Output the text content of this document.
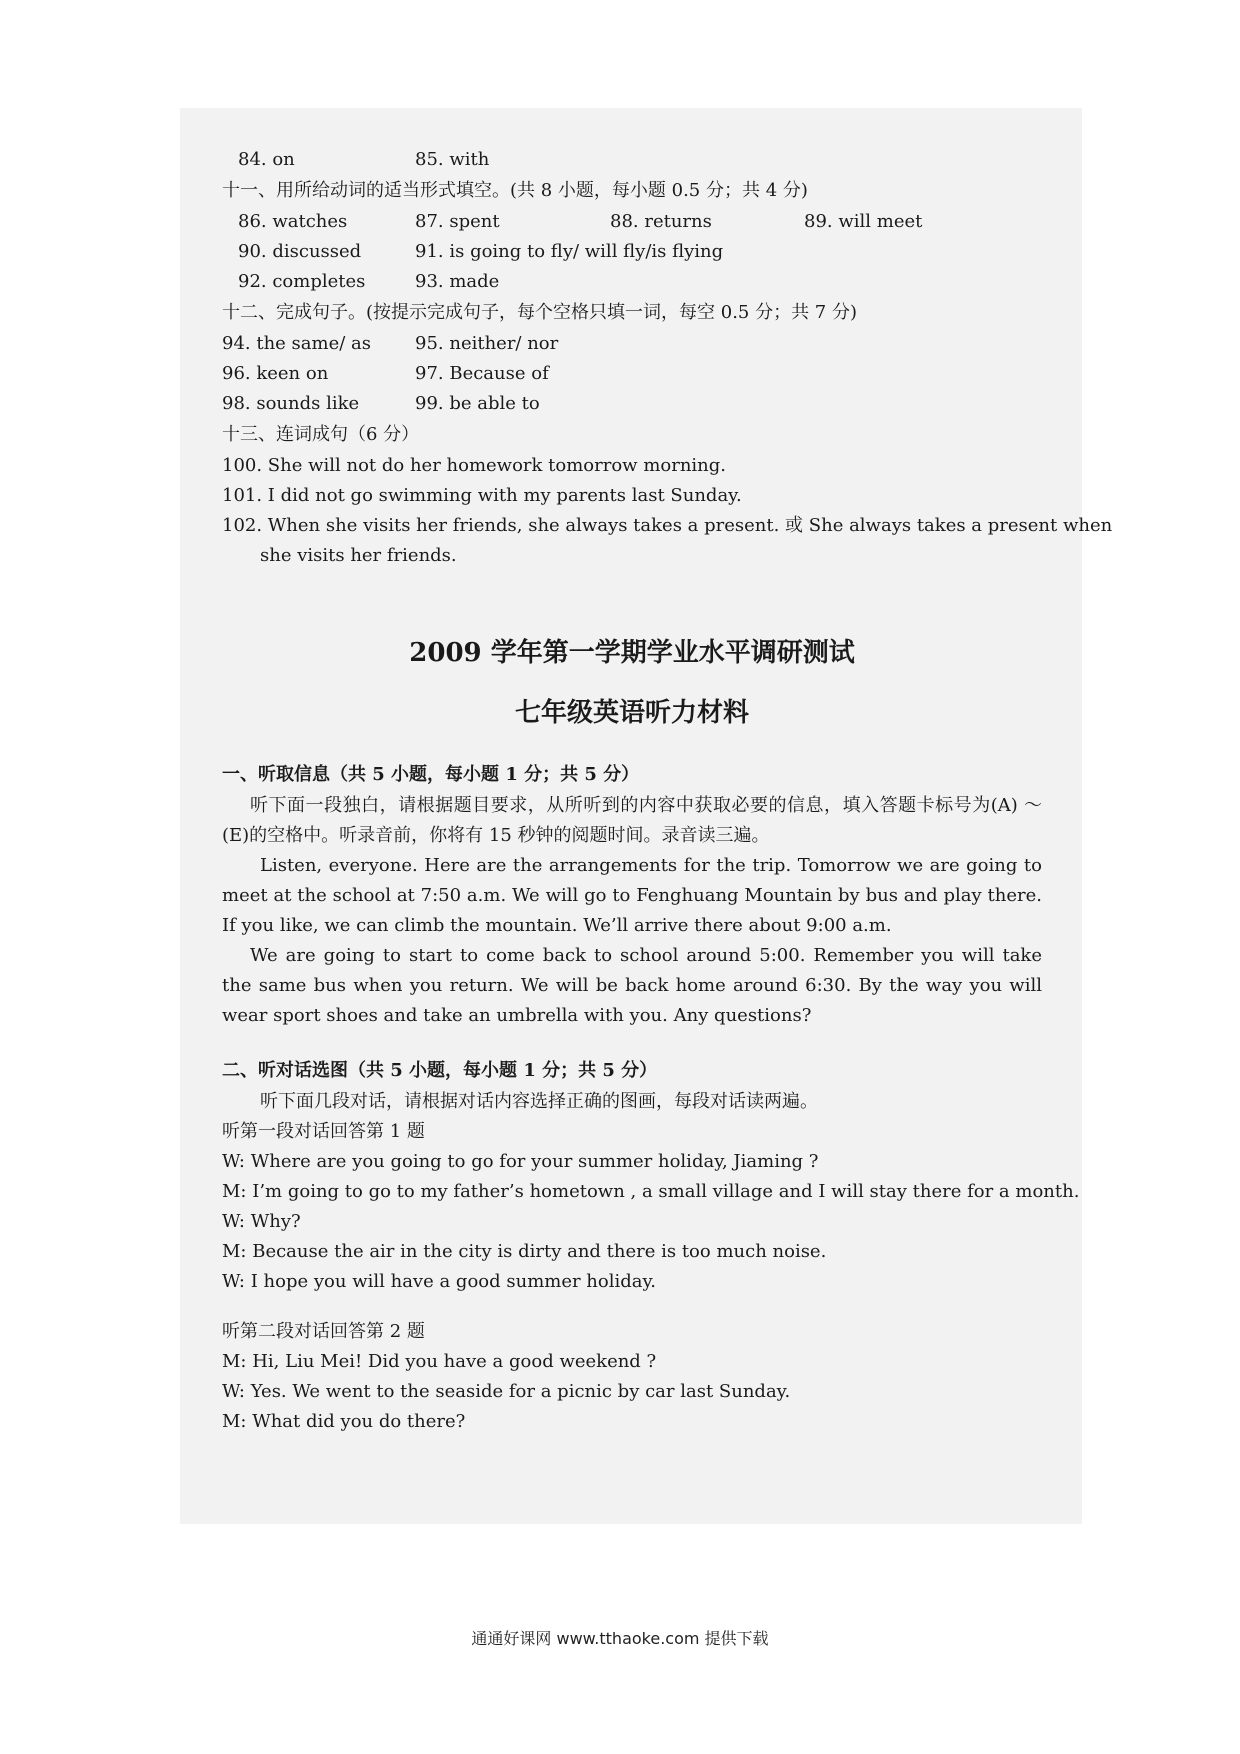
84. on	85. with
十一、用所给动词的适当形式填空。(共 8 小题，每小题 0.5 分；共 4 分)
86. watches	87. spent	88. returns	89. will meet
90. discussed	91. is going to fly/ will fly/is flying
92. completes	93. made
十二、完成句子。(按提示完成句子，每个空格只填一词，每空 0.5 分；共 7 分)
94. the same/ as	95. neither/ nor
96. keen on	97. Because of
98. sounds like	99. be able to
十三、连词成句（6 分）
100. She will not do her homework tomorrow morning.
101. I did not go swimming with my parents last Sunday.
102. When she visits her friends, she always takes a present. 或 She always takes a present when
she visits her friends.
2009 学年第一学期学业水平调研测试
七年级英语听力材料
一、听取信息（共 5 小题，每小题 1 分；共 5 分）
听下面一段独白，请根据题目要求，从所听到的内容中获取必要的信息，填入答题卡标号为(A) ～(E)的空格中。听录音前，你将有 15 秒钟的阅题时间。录音读三遍。
Listen, everyone. Here are the arrangements for the trip. Tomorrow we are going to meet at the school at 7:50 a.m. We will go to Fenghuang Mountain by bus and play there. If you like, we can climb the mountain. We’ll arrive there about 9:00 a.m.
We are going to start to come back to school around 5:00. Remember you will take the same bus when you return. We will be back home around 6:30. By the way you will wear sport shoes and take an umbrella with you. Any questions?
二、听对话选图（共 5 小题，每小题 1 分；共 5 分）
听下面几段对话，请根据对话内容选择正确的图画，每段对话读两遍。
听第一段对话回答第 1 题
W: Where are you going to go for your summer holiday, Jiaming ?
M: I’m going to go to my father’s hometown , a small village and I will stay there for a month.
W: Why?
M: Because the air in the city is dirty and there is too much noise.
W: I hope you will have a good summer holiday.
听第二段对话回答第 2 题
M: Hi, Liu Mei! Did you have a good weekend ?
W: Yes. We went to the seaside for a picnic by car last Sunday.
M: What did you do there?
通通好课网 www.tthaoke.com 提供下载
